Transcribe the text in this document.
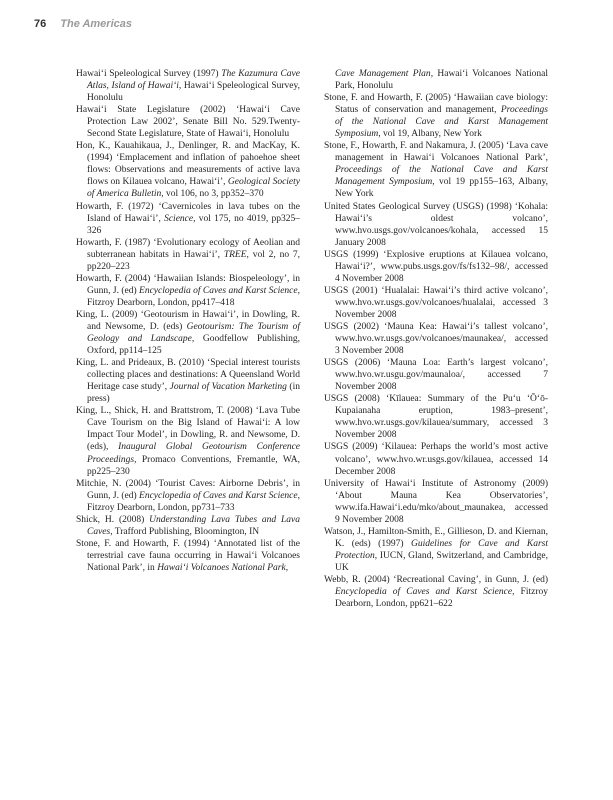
76 The Americas

Hawai‘i Speleological Survey (1997) The Kazumura Cave Atlas, Island of Hawai‘i, Hawai‘i Speleological Survey, Honolulu

Hawai‘i State Legislature (2002) ‘Hawai‘i Cave Protection Law 2002’, Senate Bill No. 529.Twenty-Second State Legislature, State of Hawai‘i, Honolulu

Hon, K., Kauahikaua, J., Denlinger, R. and MacKay, K. (1994) ‘Emplacement and inflation of pahoehoe sheet flows: Observations and measurements of active lava flows on Kilauea volcano, Hawai‘i’, Geological Society of America Bulletin, vol 106, no 3, pp352–370

Howarth, F. (1972) ‘Cavernicoles in lava tubes on the Island of Hawai‘i’, Science, vol 175, no 4019, pp325–326

Howarth, F. (1987) ‘Evolutionary ecology of Aeolian and subterranean habitats in Hawai‘i’, TREE, vol 2, no 7, pp220–223

Howarth, F. (2004) ‘Hawaiian Islands: Biospeleology’, in Gunn, J. (ed) Encyclopedia of Caves and Karst Science, Fitzroy Dearborn, London, pp417–418

King, L. (2009) ‘Geotourism in Hawai‘i’, in Dowling, R. and Newsome, D. (eds) Geotourism: The Tourism of Geology and Landscape, Goodfellow Publishing, Oxford, pp114–125

King, L. and Prideaux, B. (2010) ‘Special interest tourists collecting places and destinations: A Queensland World Heritage case study’, Journal of Vacation Marketing (in press)

King, L., Shick, H. and Brattstrom, T. (2008) ‘Lava Tube Cave Tourism on the Big Island of Hawai‘i: A low Impact Tour Model’, in Dowling, R. and Newsome, D. (eds), Inaugural Global Geotourism Conference Proceedings, Promaco Conventions, Fremantle, WA, pp225–230

Mitchie, N. (2004) ‘Tourist Caves: Airborne Debris’, in Gunn, J. (ed) Encyclopedia of Caves and Karst Science, Fitzroy Dearborn, London, pp731–733

Shick, H. (2008) Understanding Lava Tubes and Lava Caves, Trafford Publishing, Bloomington, IN

Stone, F. and Howarth, F. (1994) ‘Annotated list of the terrestrial cave fauna occurring in Hawai‘i Volcanoes National Park’, in Hawai‘i Volcanoes National Park,

Cave Management Plan, Hawai‘i Volcanoes National Park, Honolulu

Stone, F. and Howarth, F. (2005) ‘Hawaiian cave biology: Status of conservation and management, Proceedings of the National Cave and Karst Management Symposium, vol 19, Albany, New York

Stone, F., Howarth, F. and Nakamura, J. (2005) ‘Lava cave management in Hawai‘i Volcanoes National Park’, Proceedings of the National Cave and Karst Management Symposium, vol 19 pp155–163, Albany, New York

United States Geological Survey (USGS) (1998) ‘Kohala: Hawai‘i’s oldest volcano’, www.hvo.usgs.gov/volcanoes/kohala, accessed 15 January 2008

USGS (1999) ‘Explosive eruptions at Kilauea volcano, Hawai‘i?’, www.pubs.usgs.gov/fs/fs132–98/, accessed 4 November 2008

USGS (2001) ‘Hualalai: Hawai‘i’s third active volcano’, www.hvo.wr.usgs.gov/volcanoes/hualalai, accessed 3 November 2008

USGS (2002) ‘Mauna Kea: Hawai‘i’s tallest volcano’, www.hvo.wr.usgs.gov/volcanoes/maunakea/, accessed 3 November 2008

USGS (2006) ‘Mauna Loa: Earth’s largest volcano’, www.hvo.wr.usgu.gov/maunaloa/, accessed 7 November 2008

USGS (2008) ‘Kīlauea: Summary of the Pu‘u ‘Ō‘ō-Kupaianaha eruption, 1983–present’, www.hvo.wr.usgs.gov/kilauea/summary, accessed 3 November 2008

USGS (2009) ‘Kilauea: Perhaps the world’s most active volcano’, www.hvo.wr.usgs.gov/kilauea, accessed 14 December 2008

University of Hawai‘i Institute of Astronomy (2009) ‘About Mauna Kea Observatories’, www.ifa.Hawai‘i.edu/mko/about_maunakea, accessed 9 November 2008

Watson, J., Hamilton-Smith, E., Gillieson, D. and Kiernan, K. (eds) (1997) Guidelines for Cave and Karst Protection, IUCN, Gland, Switzerland, and Cambridge, UK

Webb, R. (2004) ‘Recreational Caving’, in Gunn, J. (ed) Encyclopedia of Caves and Karst Science, Fitzroy Dearborn, London, pp621–622
